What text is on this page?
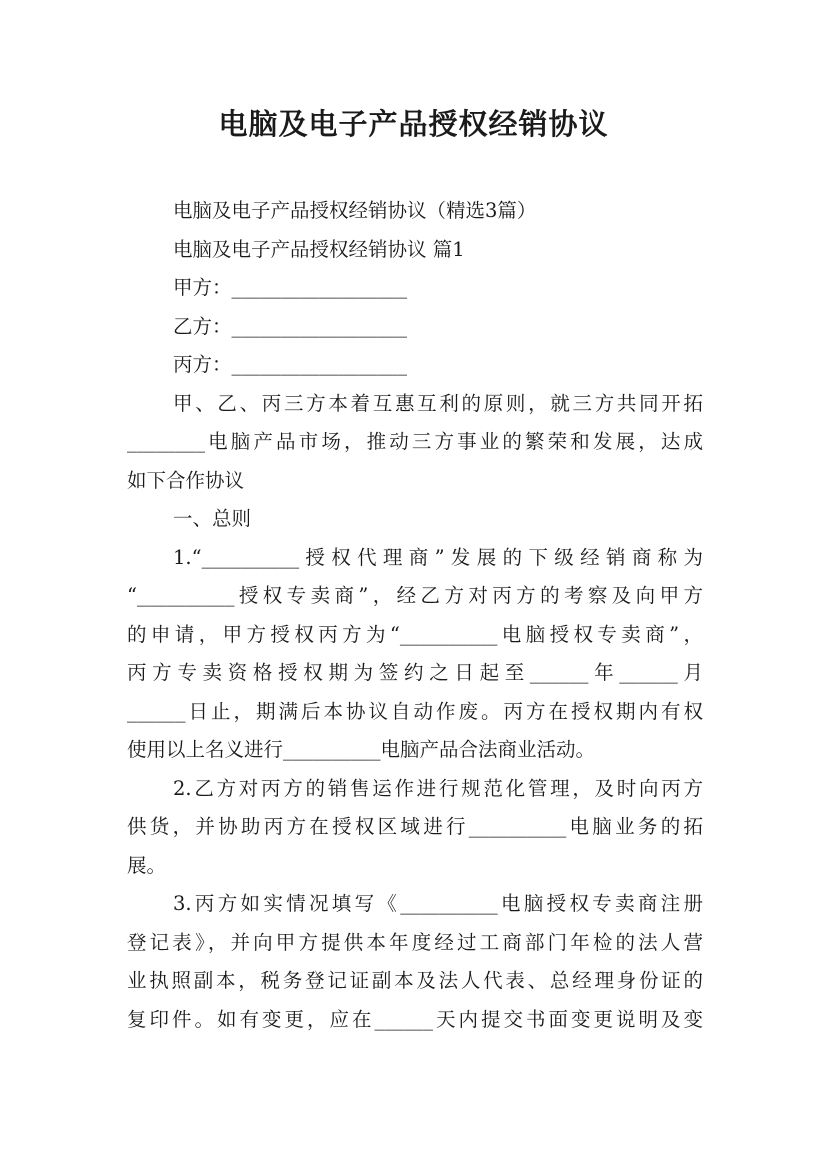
电脑及电子产品授权经销协议
电脑及电子产品授权经销协议（精选3篇）
电脑及电子产品授权经销协议 篇1
甲方：__________________
乙方：__________________
丙方：__________________
甲、乙、丙三方本着互惠互利的原则，就三方共同开拓
________电脑产品市场，推动三方事业的繁荣和发展，达成
如下合作协议
一、总则
1.“__________授权代理商”发展的下级经销商称为
“__________授权专卖商”，经乙方对丙方的考察及向甲方
的申请，甲方授权丙方为“__________电脑授权专卖商”，
丙方专卖资格授权期为签约之日起至______年______月
______日止，期满后本协议自动作废。丙方在授权期内有权
使用以上名义进行__________电脑产品合法商业活动。
2.乙方对丙方的销售运作进行规范化管理，及时向丙方
供货，并协助丙方在授权区域进行__________电脑业务的拓
展。
3.丙方如实情况填写《__________电脑授权专卖商注册
登记表》，并向甲方提供本年度经过工商部门年检的法人营
业执照副本，税务登记证副本及法人代表、总经理身份证的
复印件。如有变更，应在______天内提交书面变更说明及变
